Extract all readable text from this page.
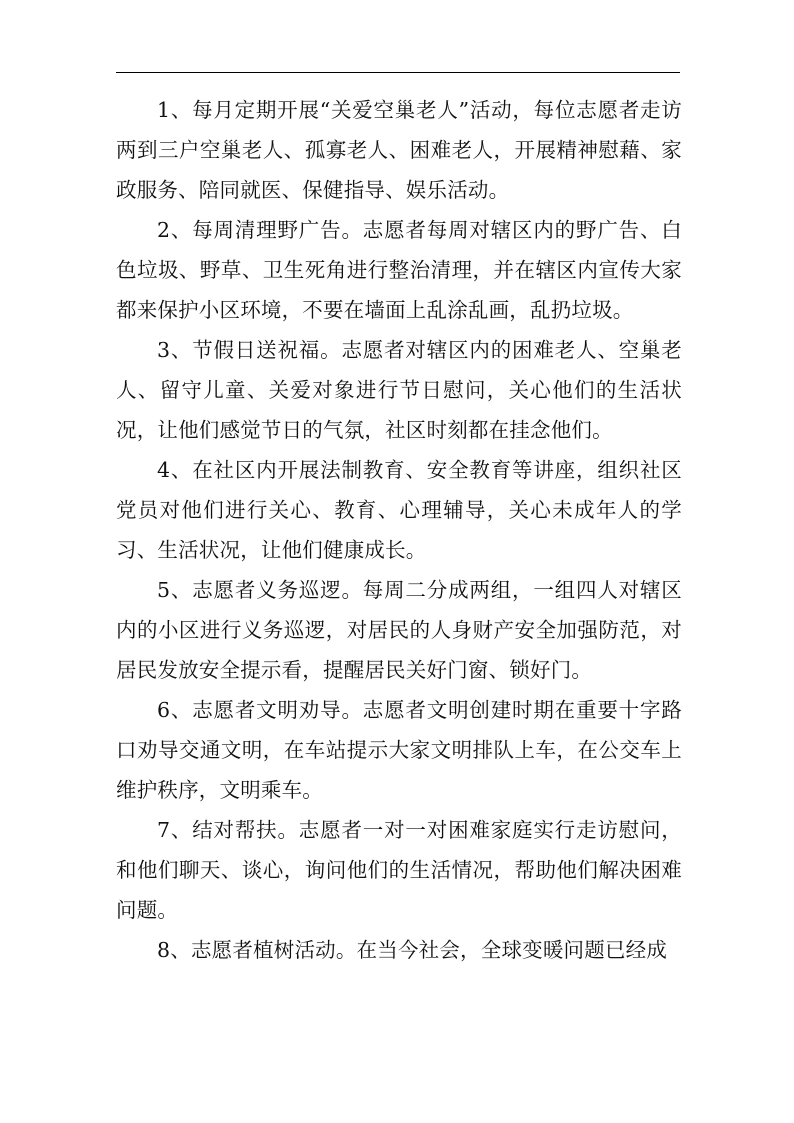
1、每月定期开展“关爱空巢老人”活动，每位志愿者走访两到三户空巢老人、孤寡老人、困难老人，开展精神慰藉、家政服务、陪同就医、保健指导、娱乐活动。

2、每周清理野广告。志愿者每周对辖区内的野广告、白色垃圾、野草、卫生死角进行整治清理，并在辖区内宣传大家都来保护小区环境，不要在墙面上乱涂乱画，乱扔垃圾。

3、节假日送祝福。志愿者对辖区内的困难老人、空巢老人、留守儿童、关爱对象进行节日慰问，关心他们的生活状况，让他们感觉节日的气氛，社区时刻都在挂念他们。

4、在社区内开展法制教育、安全教育等讲座，组织社区党员对他们进行关心、教育、心理辅导，关心未成年人的学习、生活状况，让他们健康成长。

5、志愿者义务巡逻。每周二分成两组，一组四人对辖区内的小区进行义务巡逻，对居民的人身财产安全加强防范，对居民发放安全提示看，提醒居民关好门窗、锁好门。

6、志愿者文明劝导。志愿者文明创建时期在重要十字路口劝导交通文明，在车站提示大家文明排队上车，在公交车上维护秩序，文明乘车。

7、结对帮扶。志愿者一对一对困难家庭实行走访慰问，和他们聊天、谈心，询问他们的生活情况，帮助他们解决困难问题。

8、志愿者植树活动。在当今社会，全球变暖问题已经成
